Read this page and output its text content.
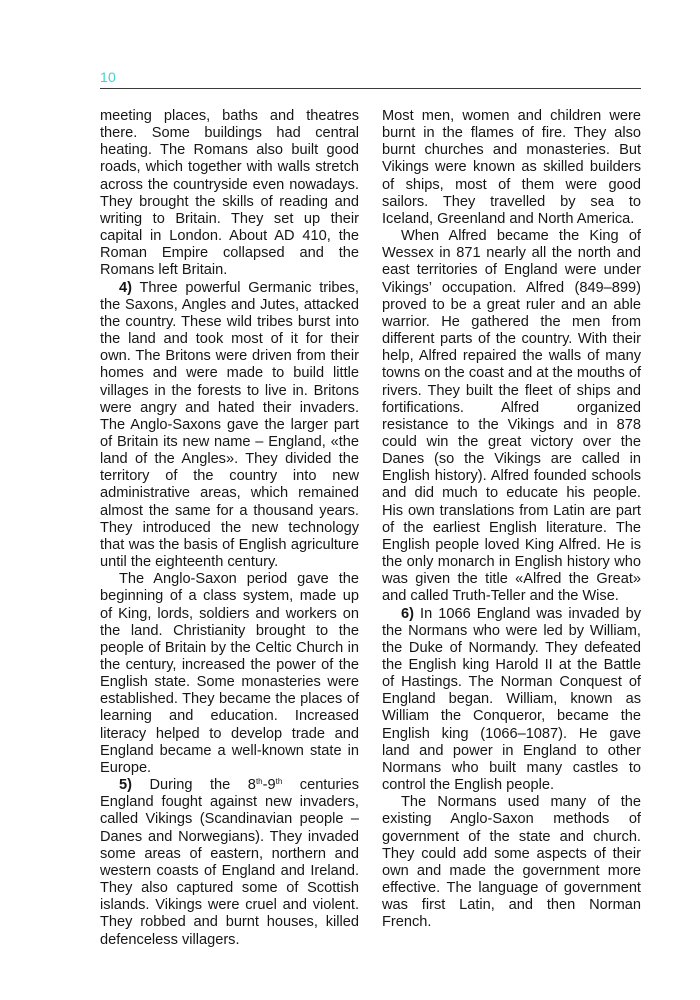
10

meeting places, baths and theatres there. Some buildings had central heating. The Romans also built good roads, which together with walls stretch across the countryside even nowadays. They brought the skills of reading and writing to Britain. They set up their capital in London. About AD 410, the Roman Empire collapsed and the Romans left Britain.

4) Three powerful Germanic tribes, the Saxons, Angles and Jutes, attacked the country. These wild tribes burst into the land and took most of it for their own. The Britons were driven from their homes and were made to build little villages in the forests to live in. Britons were angry and hated their invaders. The Anglo-Saxons gave the larger part of Britain its new name – England, «the land of the Angles». They divided the territory of the country into new administrative areas, which remained almost the same for a thousand years. They introduced the new technology that was the basis of English agriculture until the eighteenth century.

The Anglo-Saxon period gave the beginning of a class system, made up of King, lords, soldiers and workers on the land. Christianity brought to the people of Britain by the Celtic Church in the century, increased the power of the English state. Some monasteries were established. They became the places of learning and education. Increased literacy helped to develop trade and England became a well-known state in Europe.

5) During the 8th-9th centuries England fought against new invaders, called Vikings (Scandinavian people – Danes and Norwegians). They invaded some areas of eastern, northern and western coasts of England and Ireland. They also captured some of Scottish islands. Vikings were cruel and violent. They robbed and burnt houses, killed defenceless villagers.

Most men, women and children were burnt in the flames of fire. They also burnt churches and monasteries. But Vikings were known as skilled builders of ships, most of them were good sailors. They travelled by sea to Iceland, Greenland and North America.

When Alfred became the King of Wessex in 871 nearly all the north and east territories of England were under Vikings’ occupation. Alfred (849–899) proved to be a great ruler and an able warrior. He gathered the men from different parts of the country. With their help, Alfred repaired the walls of many towns on the coast and at the mouths of rivers. They built the fleet of ships and fortifications. Alfred organized resistance to the Vikings and in 878 could win the great victory over the Danes (so the Vikings are called in English history). Alfred founded schools and did much to educate his people. His own translations from Latin are part of the earliest English literature. The English people loved King Alfred. He is the only monarch in English history who was given the title «Alfred the Great» and called Truth-Teller and the Wise.

6) In 1066 England was invaded by the Normans who were led by William, the Duke of Normandy. They defeated the English king Harold II at the Battle of Hastings. The Norman Conquest of England began. William, known as William the Conqueror, became the English king (1066–1087). He gave land and power in England to other Normans who built many castles to control the English people.

The Normans used many of the existing Anglo-Saxon methods of government of the state and church. They could add some aspects of their own and made the government more effective. The language of government was first Latin, and then Norman French.
